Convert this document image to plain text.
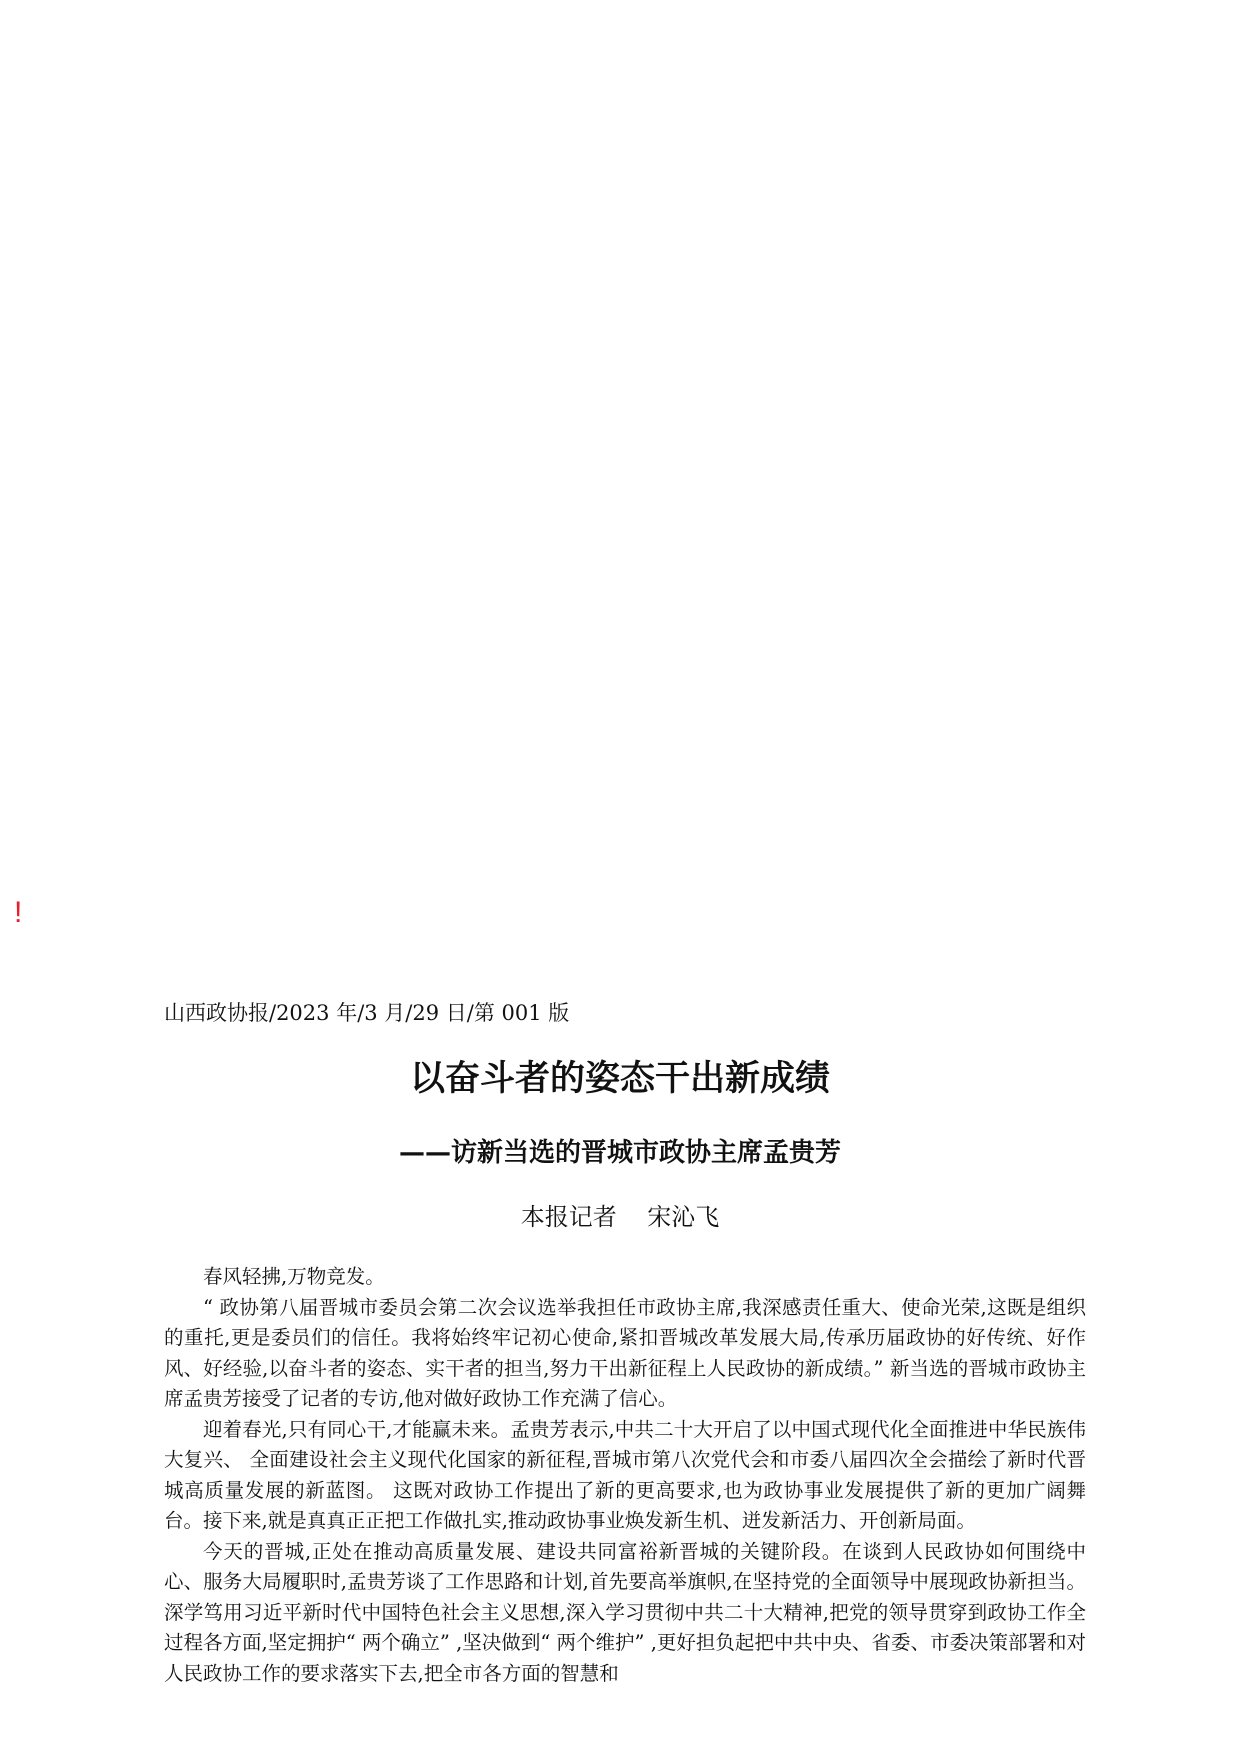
!
山西政协报/2023 年/3 月/29 日/第 001 版
以奋斗者的姿态干出新成绩
——访新当选的晋城市政协主席孟贵芳
本报记者    宋沁飞

春风轻拂,万物竞发。

“ 政协第八届晋城市委员会第二次会议选举我担任市政协主席,我深感责任重大、使命光荣,这既是组织的重托,更是委员们的信任。我将始终牢记初心使命,紧扣晋城改革发展大局,传承历届政协的好传统、好作风、好经验,以奋斗者的姿态、实干者的担当,努力干出新征程上人民政协的新成绩。” 新当选的晋城市政协主席孟贵芳接受了记者的专访,他对做好政协工作充满了信心。

迎着春光,只有同心干,才能赢未来。孟贵芳表示,中共二十大开启了以中国式现代化全面推进中华民族伟大复兴、 全面建设社会主义现代化国家的新征程,晋城市第八次党代会和市委八届四次全会描绘了新时代晋城高质量发展的新蓝图。 这既对政协工作提出了新的更高要求,也为政协事业发展提供了新的更加广阔舞台。接下来,就是真真正正把工作做扎实,推动政协事业焕发新生机、迸发新活力、开创新局面。

今天的晋城,正处在推动高质量发展、建设共同富裕新晋城的关键阶段。在谈到人民政协如何围绕中心、服务大局履职时,孟贵芳谈了工作思路和计划,首先要高举旗帜,在坚持党的全面领导中展现政协新担当。深学笃用习近平新时代中国特色社会主义思想,深入学习贯彻中共二十大精神,把党的领导贯穿到政协工作全过程各方面,坚定拥护“ 两个确立” ,坚决做到“ 两个维护” ,更好担负起把中共中央、省委、市委决策部署和对人民政协工作的要求落实下去,把全市各方面的智慧和
